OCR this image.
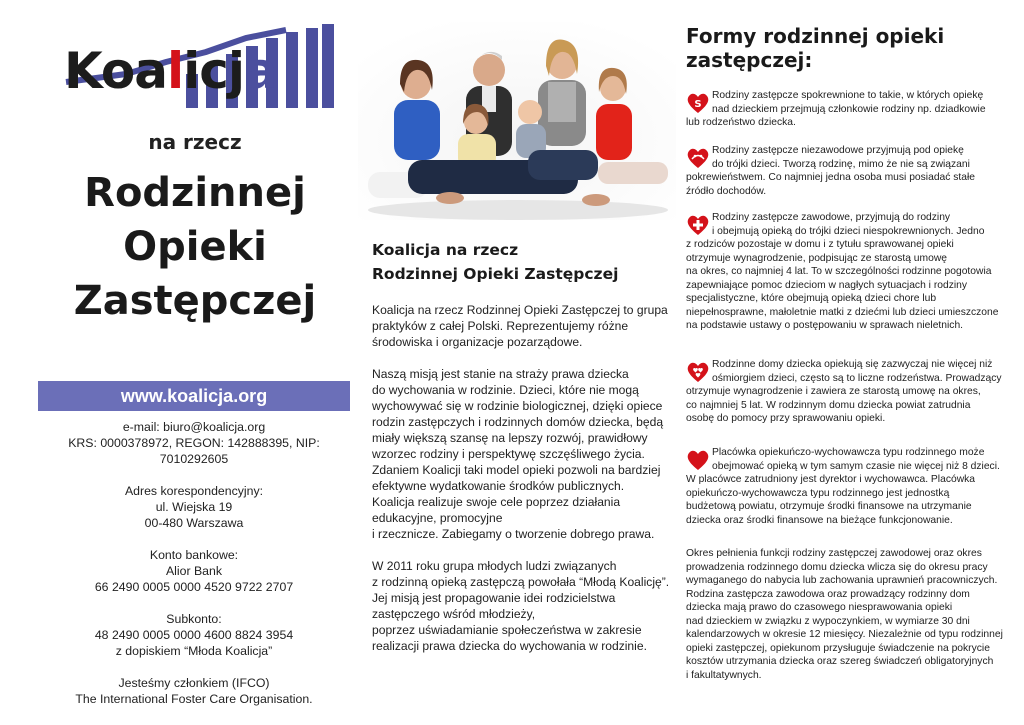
Koalicja
na rzecz
Rodzinnej
Opieki
Zastępczej
www.koalicja.org
e-mail: biuro@koalicja.org
KRS: 0000378972, REGON: 142888395, NIP: 7010292605
Adres korespondencyjny:
ul. Wiejska 19
00-480 Warszawa
Konto bankowe:
Alior Bank
66 2490 0005 0000 4520 9722 2707
Subkonto:
48 2490 0005 0000 4600 8824 3954
z dopiskiem “Młoda Koalicja”
Jesteśmy członkiem (IFCO)
The International Foster Care Organisation.
Koalicja na rzecz
Rodzinnej Opieki Zastępczej

Koalicja na rzecz Rodzinnej Opieki Zastępczej to grupa
praktyków z całej Polski. Reprezentujemy różne
środowiska i organizacje pozarządowe.

Naszą misją jest stanie na straży prawa dziecka
do wychowania w rodzinie. Dzieci, które nie mogą
wychowywać się w rodzinie biologicznej, dzięki opiece
rodzin zastępczych i rodzinnych domów dziecka, będą
miały większą szansę na lepszy rozwój, prawidłowy
wzorzec rodziny i perspektywę szczęśliwego życia.
Zdaniem Koalicji taki model opieki pozwoli na bardziej
efektywne wydatkowanie środków publicznych.
Koalicja realizuje swoje cele poprzez działania
edukacyjne, promocyjne
i rzecznicze. Zabiegamy o tworzenie dobrego prawa.

W 2011 roku grupa młodych ludzi związanych
z rodzinną opieką zastępczą powołała “Młodą Koalicję”.
Jej misją jest propagowanie idei rodzicielstwa
zastępczego wśród młodzieży,
poprzez uświadamianie społeczeństwa w zakresie
realizacji prawa dziecka do wychowania w rodzinie.

Formy rodzinnej opieki
zastępczej:
S
Rodziny zastępcze spokrewnione to takie, w których opiekę
nad dzieckiem przejmują członkowie rodziny np. dziadkowie
lub rodzeństwo dziecka.
Rodziny zastępcze niezawodowe przyjmują pod opiekę
do trójki dzieci. Tworzą rodzinę, mimo że nie są związani
pokrewieństwem. Co najmniej jedna osoba musi posiadać stałe
źródło dochodów.
Rodziny zastępcze zawodowe, przyjmują do rodziny
i obejmują opieką do trójki dzieci niespokrewnionych. Jedno
z rodziców pozostaje w domu i z tytułu sprawowanej opieki
otrzymuje wynagrodzenie, podpisując ze starostą umowę
na okres, co najmniej 4 lat. To w szczególności rodzinne pogotowia
zapewniające pomoc dzieciom w nagłych sytuacjach i rodziny
specjalistyczne, które obejmują opieką dzieci chore lub
niepełnosprawne, małoletnie matki z dziećmi lub dzieci umieszczone
na podstawie ustawy o postępowaniu w sprawach nieletnich.
Rodzinne domy dziecka opiekują się zazwyczaj nie więcej niż
ośmiorgiem dzieci, często są to liczne rodzeństwa. Prowadzący
otrzymuje wynagrodzenie i zawiera ze starostą umowę na okres,
co najmniej 5 lat. W rodzinnym domu dziecka powiat zatrudnia
osobę do pomocy przy sprawowaniu opieki.
Placówka opiekuńczo-wychowawcza typu rodzinnego może
obejmować opieką w tym samym czasie nie więcej niż 8 dzieci.
W placówce zatrudniony jest dyrektor i wychowawca. Placówka
opiekuńczo-wychowawcza typu rodzinnego jest jednostką
budżetową powiatu, otrzymuje środki finansowe na utrzymanie
dziecka oraz środki finansowe na bieżące funkcjonowanie.
Okres pełnienia funkcji rodziny zastępczej zawodowej oraz okres
prowadzenia rodzinnego domu dziecka wlicza się do okresu pracy
wymaganego do nabycia lub zachowania uprawnień pracowniczych.
Rodzina zastępcza zawodowa oraz prowadzący rodzinny dom
dziecka mają prawo do czasowego niesprawowania opieki
nad dzieckiem w związku z wypoczynkiem, w wymiarze 30 dni
kalendarzowych w okresie 12 miesięcy. Niezależnie od typu rodzinnej
opieki zastępczej, opiekunom przysługuje świadczenie na pokrycie
kosztów utrzymania dziecka oraz szereg świadczeń obligatoryjnych
i fakultatywnych.
